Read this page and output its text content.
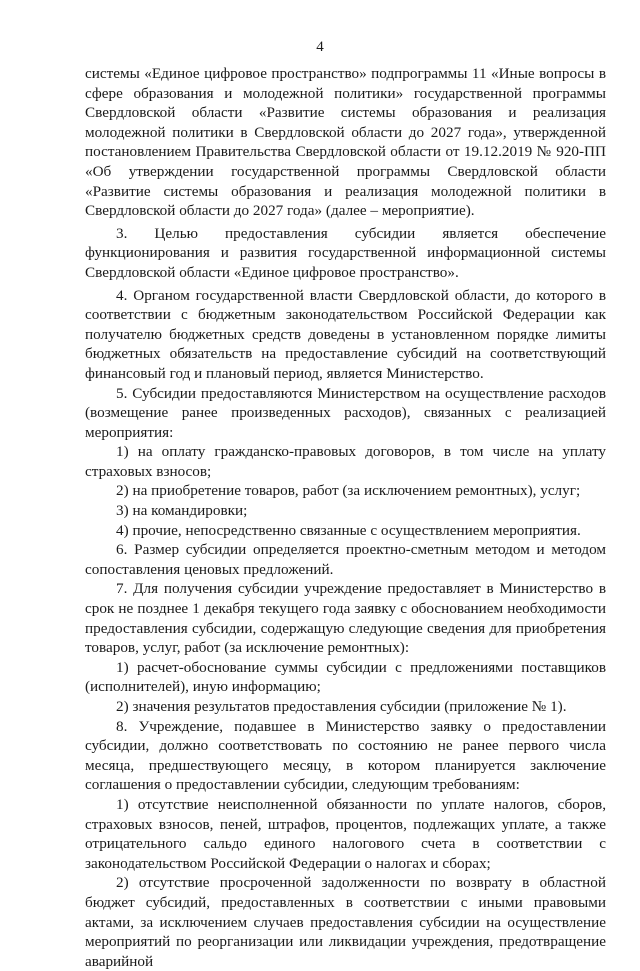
4

системы «Единое цифровое пространство» подпрограммы 11 «Иные вопросы в сфере образования и молодежной политики» государственной программы Свердловской области «Развитие системы образования и реализация молодежной политики в Свердловской области до 2027 года», утвержденной постановлением Правительства Свердловской области от 19.12.2019 № 920-ПП «Об утверждении государственной программы Свердловской области «Развитие системы образования и реализация молодежной политики в Свердловской области до 2027 года» (далее – мероприятие).

3. Целью предоставления субсидии является обеспечение функционирования и развития государственной информационной системы Свердловской области «Единое цифровое пространство».

4. Органом государственной власти Свердловской области, до которого в соответствии с бюджетным законодательством Российской Федерации как получателю бюджетных средств доведены в установленном порядке лимиты бюджетных обязательств на предоставление субсидий на соответствующий финансовый год и плановый период, является Министерство.

5. Субсидии предоставляются Министерством на осуществление расходов (возмещение ранее произведенных расходов), связанных с реализацией мероприятия:

1) на оплату гражданско-правовых договоров, в том числе на уплату страховых взносов;

2) на приобретение товаров, работ (за исключением ремонтных), услуг;

3) на командировки;

4) прочие, непосредственно связанные с осуществлением мероприятия.

6. Размер субсидии определяется проектно-сметным методом и методом сопоставления ценовых предложений.

7. Для получения субсидии учреждение предоставляет в Министерство в срок не позднее 1 декабря текущего года заявку с обоснованием необходимости предоставления субсидии, содержащую следующие сведения для приобретения товаров, услуг, работ (за исключение ремонтных):

1) расчет-обоснование суммы субсидии с предложениями поставщиков (исполнителей), иную информацию;

2) значения результатов предоставления субсидии (приложение № 1).

8. Учреждение, подавшее в Министерство заявку о предоставлении субсидии, должно соответствовать по состоянию не ранее первого числа месяца, предшествующего месяцу, в котором планируется заключение соглашения о предоставлении субсидии, следующим требованиям:

1) отсутствие неисполненной обязанности по уплате налогов, сборов, страховых взносов, пеней, штрафов, процентов, подлежащих уплате, а также отрицательного сальдо единого налогового счета в соответствии с законодательством Российской Федерации о налогах и сборах;

2) отсутствие просроченной задолженности по возврату в областной бюджет субсидий, предоставленных в соответствии с иными правовыми актами, за исключением случаев предоставления субсидии на осуществление мероприятий по реорганизации или ликвидации учреждения, предотвращение аварийной
